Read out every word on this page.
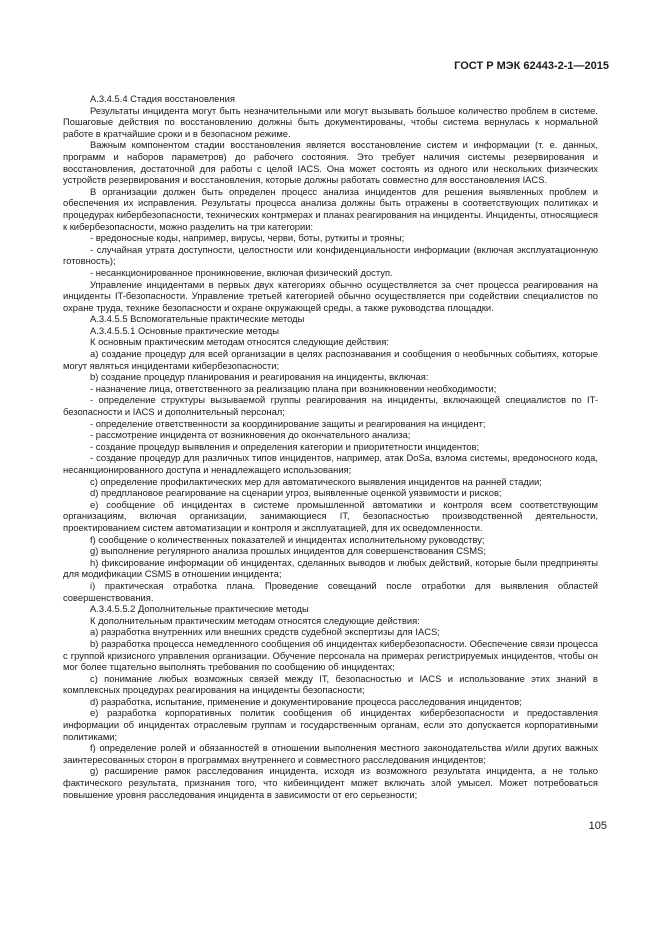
ГОСТ Р МЭК 62443-2-1—2015

А.3.4.5.4 Стадия восстановления

Результаты инцидента могут быть незначительными или могут вызывать большое количество проблем в системе. Пошаговые действия по восстановлению должны быть документированы, чтобы система вернулась к нормальной работе в кратчайшие сроки и в безопасном режиме.

Важным компонентом стадии восстановления является восстановление систем и информации (т. е. данных, программ и наборов параметров) до рабочего состояния. Это требует наличия системы резервирования и восстановления, достаточной для работы с целой IACS. Она может состоять из одного или нескольких физических устройств резервирования и восстановления, которые должны работать совместно для восстановления IACS.

В организации должен быть определен процесс анализа инцидентов для решения выявленных проблем и обеспечения их исправления. Результаты процесса анализа должны быть отражены в соответствующих политиках и процедурах кибербезопасности, технических контрмерах и планах реагирования на инциденты. Инциденты, относящиеся к кибербезопасности, можно разделить на три категории:

- вредоносные коды, например, вирусы, черви, боты, руткиты и трояны;

- случайная утрата доступности, целостности или конфиденциальности информации (включая эксплуатационную готовность);

- несанкционированное проникновение, включая физический доступ.

Управление инцидентами в первых двух категориях обычно осуществляется за счет процесса реагирования на инциденты IT-безопасности. Управление третьей категорией обычно осуществляется при содействии специалистов по охране труда, технике безопасности и охране окружающей среды, а также руководства площадки.

А.3.4.5.5 Вспомогательные практические методы

А.3.4.5.5.1 Основные практические методы

К основным практическим методам относятся следующие действия:

а) создание процедур для всей организации в целях распознавания и сообщения о необычных событиях, которые могут являться инцидентами кибербезопасности;

b) создание процедур планирования и реагирования на инциденты, включая:

- назначение лица, ответственного за реализацию плана при возникновении необходимости;

- определение структуры вызываемой группы реагирования на инциденты, включающей специалистов по IT-безопасности и IACS и дополнительный персонал;

- определение ответственности за координирование защиты и реагирования на инцидент;

- рассмотрение инцидента от возникновения до окончательного анализа;

- создание процедур выявления и определения категории и приоритетности инцидентов;

- создание процедур для различных типов инцидентов, например, атак DoSa, взлома системы, вредоносного кода, несанкционированного доступа и ненадлежащего использования;

с) определение профилактических мер для автоматического выявления инцидентов на ранней стадии;

d) предплановое реагирование на сценарии угроз, выявленные оценкой уязвимости и рисков;

е) сообщение об инцидентах в системе промышленной автоматики и контроля всем соответствующим организациям, включая организации, занимающиеся IT, безопасностью производственной деятельности, проектированием систем автоматизации и контроля и эксплуатацией, для их осведомленности.

f) сообщение о количественных показателей и инцидентах исполнительному руководству;

g) выполнение регулярного анализа прошлых инцидентов для совершенствования CSMS;

h) фиксирование информации об инцидентах, сделанных выводов и любых действий, которые были предприняты для модификации CSMS в отношении инцидента;

i) практическая отработка плана. Проведение совещаний после отработки для выявления областей совершенствования.

А.3.4.5.5.2 Дополнительные практические методы

К дополнительным практическим методам относятся следующие действия:

а) разработка внутренних или внешних средств судебной экспертизы для IACS;

b) разработка процесса немедленного сообщения об инцидентах кибербезопасности. Обеспечение связи процесса с группой кризисного управления организации. Обучение персонала на примерах регистрируемых инцидентов, чтобы он мог более тщательно выполнять требования по сообщению об инцидентах;

с) понимание любых возможных связей между IT, безопасностью и IACS и использование этих знаний в комплексных процедурах реагирования на инциденты безопасности;

d) разработка, испытание, применение и документирование процесса расследования инцидентов;

е) разработка корпоративных политик сообщения об инцидентах кибербезопасности и предоставления информации об инцидентах отраслевым группам и государственным органам, если это допускается корпоративными политиками;

f) определение ролей и обязанностей в отношении выполнения местного законодательства и/или других важных заинтересованных сторон в программах внутреннего и совместного расследования инцидентов;

g) расширение рамок расследования инцидента, исходя из возможного результата инцидента, а не только фактического результата, признания того, что кибеинцидент может включать злой умысел. Может потребоваться повышение уровня расследования инцидента в зависимости от его серьезности;

105
